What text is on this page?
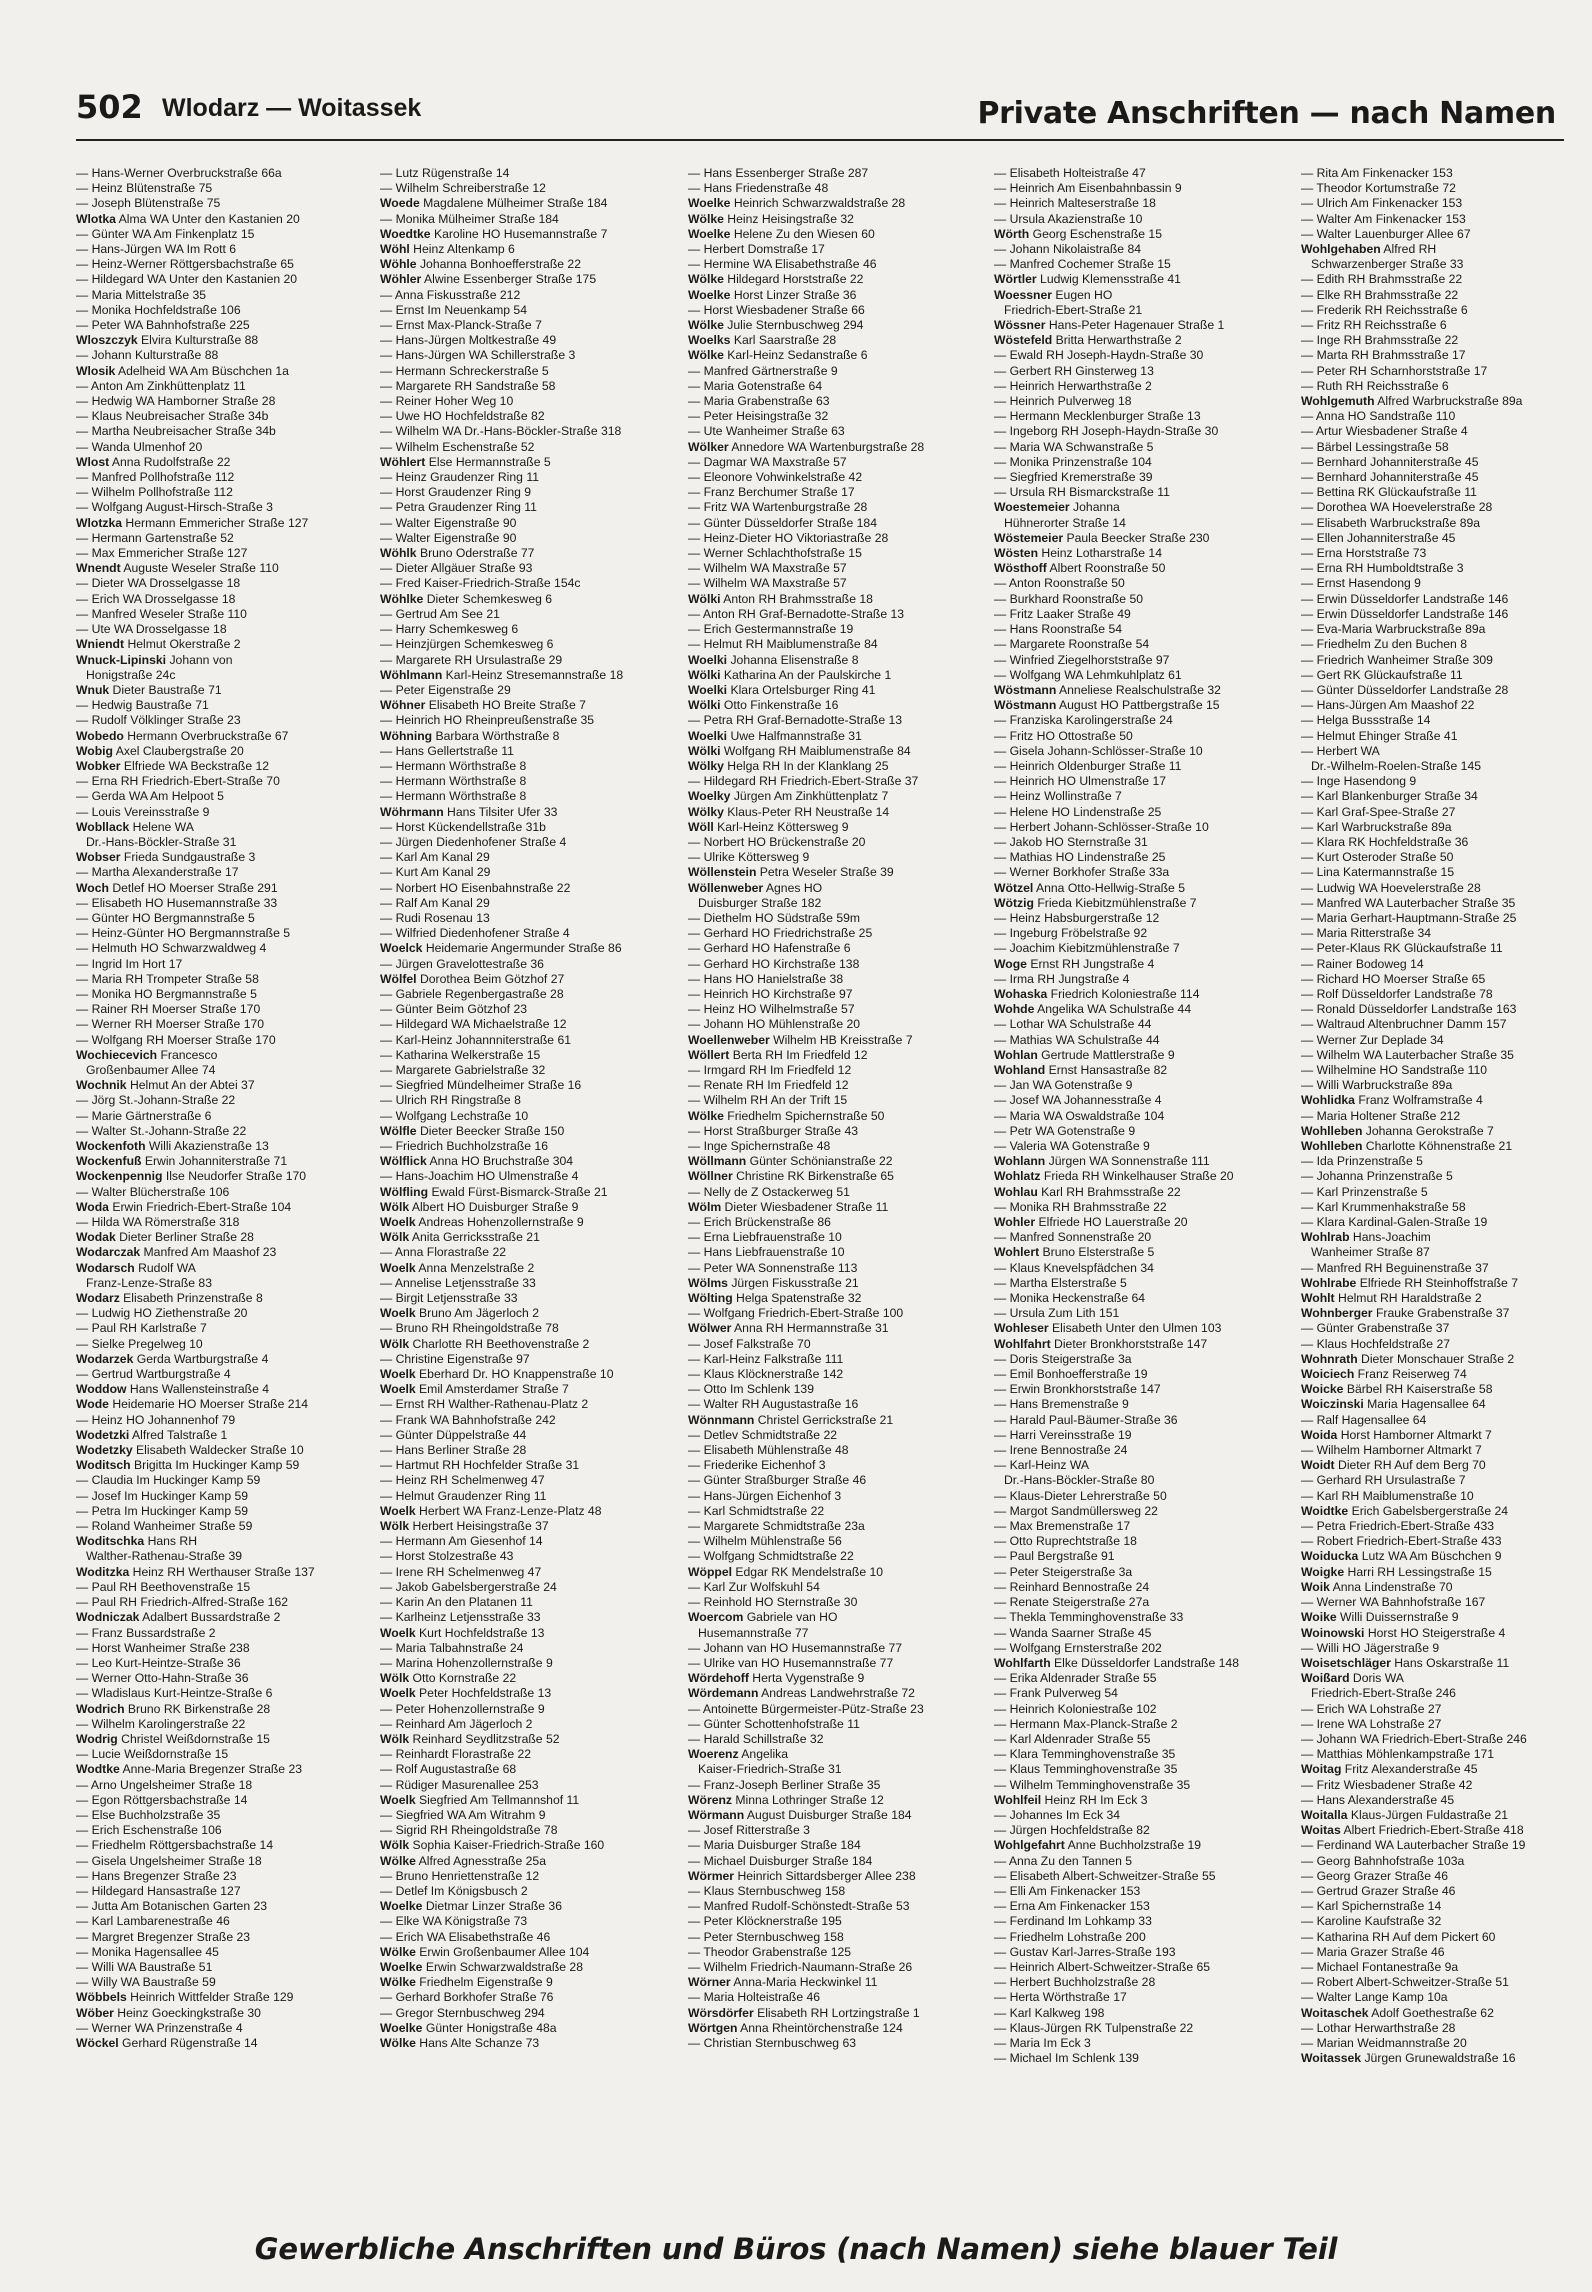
502 Wlodarz — Woitassek	Private Anschriften — nach Namen
— Hans-Werner Overbruckstraße 66a
— Heinz Blütenstraße 75
— Joseph Blütenstraße 75
Wlotka Alma WA Unter den Kastanien 20
— Günter WA Am Finkenplatz 15
— Hans-Jürgen WA Im Rott 6
— Heinz-Werner Röttgersbachstraße 65
— Hildegard WA Unter den Kastanien 20
— Maria Mittelstraße 35
— Monika Hochfeldstraße 106
— Peter WA Bahnhofstraße 225
Wloszczyk Elvira Kulturstraße 88
— Johann Kulturstraße 88
Wlosik Adelheid WA Am Büschchen 1a
— Anton Am Zinkhüttenplatz 11
— Hedwig WA Hamborner Straße 28
— Klaus Neubreisacher Straße 34b
— Martha Neubreisacher Straße 34b
— Wanda Ulmenhof 20
Wlost Anna Rudolfstraße 22
— Manfred Pollhofstraße 112
— Wilhelm Pollhofstraße 112
— Wolfgang August-Hirsch-Straße 3
Wlotzka Hermann Emmericher Straße 127
— Hermann Gartenstraße 52
— Max Emmericher Straße 127
Wnendt Auguste Weseler Straße 110
— Dieter WA Drosselgasse 18
— Erich WA Drosselgasse 18
— Manfred Weseler Straße 110
— Ute WA Drosselgasse 18
Wniendt Helmut Okerstraße 2
Wnuck-Lipinski Johann von
Honigstraße 24c
Wnuk Dieter Baustraße 71
— Hedwig Baustraße 71
— Rudolf Völklinger Straße 23
Wobedo Hermann Overbruckstraße 67
Wobig Axel Claubergstraße 20
Wobker Elfriede WA Beckstraße 12
— Erna RH Friedrich-Ebert-Straße 70
— Gerda WA Am Helpoot 5
— Louis Vereinsstraße 9
Wobllack Helene WA
Dr.-Hans-Böckler-Straße 31
Wobser Frieda Sundgaustraße 3
— Martha Alexanderstraße 17
Woch Detlef HO Moerser Straße 291
— Elisabeth HO Husemannstraße 33
— Günter HO Bergmannstraße 5
— Heinz-Günter HO Bergmannstraße 5
— Helmuth HO Schwarzwaldweg 4
— Ingrid Im Hort 17
— Maria RH Trompeter Straße 58
— Monika HO Bergmannstraße 5
— Rainer RH Moerser Straße 170
— Werner RH Moerser Straße 170
— Wolfgang RH Moerser Straße 170
Wochiecevich Francesco
Großenbaumer Allee 74
Wochnik Helmut An der Abtei 37
— Jörg St.-Johann-Straße 22
— Marie Gärtnerstraße 6
— Walter St.-Johann-Straße 22
Wockenfoth Willi Akazienstraße 13
Wockenfuß Erwin Johanniterstraße 71
Wockenpennig Ilse Neudorfer Straße 170
— Walter Blücherstraße 106
Woda Erwin Friedrich-Ebert-Straße 104
— Hilda WA Römerstraße 318
Wodak Dieter Berliner Straße 28
Wodarczak Manfred Am Maashof 23
Wodarsch Rudolf WA
Franz-Lenze-Straße 83
Wodarz Elisabeth Prinzenstraße 8
— Ludwig HO Ziethenstraße 20
— Paul RH Karlstraße 7
— Sielke Pregelweg 10
Wodarzek Gerda Wartburgstraße 4
— Gertrud Wartburgstraße 4
Woddow Hans Wallensteinstraße 4
Wode Heidemarie HO Moerser Straße 214
— Heinz HO Johannenhof 79
Wodetzki Alfred Talstraße 1
Wodetzky Elisabeth Waldecker Straße 10
Woditsch Brigitta Im Huckinger Kamp 59
— Claudia Im Huckinger Kamp 59
— Josef Im Huckinger Kamp 59
— Petra Im Huckinger Kamp 59
— Roland Wanheimer Straße 59
Woditschka Hans RH
Walther-Rathenau-Straße 39
Woditzka Heinz RH Werthauser Straße 137
— Paul RH Beethovenstraße 15
— Paul RH Friedrich-Alfred-Straße 162
Wodniczak Adalbert Bussardstraße 2
— Franz Bussardstraße 2
— Horst Wanheimer Straße 238
— Leo Kurt-Heintze-Straße 36
— Werner Otto-Hahn-Straße 36
— Wladislaus Kurt-Heintze-Straße 6
Wodrich Bruno RK Birkenstraße 28
— Wilhelm Karolingerstraße 22
Wodrig Christel Weißdornstraße 15
— Lucie Weißdornstraße 15
Wodtke Anne-Maria Bregenzer Straße 23
— Arno Ungelsheimer Straße 18
— Egon Röttgersbachstraße 14
— Else Buchholzstraße 35
— Erich Eschenstraße 106
— Friedhelm Röttgersbachstraße 14
— Gisela Ungelsheimer Straße 18
— Hans Bregenzer Straße 23
— Hildegard Hansastraße 127
— Jutta Am Botanischen Garten 23
— Karl Lambarenestraße 46
— Margret Bregenzer Straße 23
— Monika Hagensallee 45
— Willi WA Baustraße 51
— Willy WA Baustraße 59
Wöbbels Heinrich Wittfelder Straße 129
Wöber Heinz Goeckingkstraße 30
— Werner WA Prinzenstraße 4
Wöckel Gerhard Rügenstraße 14
— Lutz Rügenstraße 14
— Wilhelm Schreiberstraße 12
Woede Magdalene Mülheimer Straße 184
— Monika Mülheimer Straße 184
Woedtke Karoline HO Husemannstraße 7
Wöhl Heinz Altenkamp 6
Wöhle Johanna Bonhoefferstraße 22
Wöhler Alwine Essenberger Straße 175
— Anna Fiskusstraße 212
— Ernst Im Neuenkamp 54
— Ernst Max-Planck-Straße 7
— Hans-Jürgen Moltkestraße 49
— Hans-Jürgen WA Schillerstraße 3
— Hermann Schreckerstraße 5
— Margarete RH Sandstraße 58
— Reiner Hoher Weg 10
— Uwe HO Hochfeldstraße 82
— Wilhelm WA Dr.-Hans-Böckler-Straße 318
— Wilhelm Eschenstraße 52
Wöhlert Else Hermannstraße 5
— Heinz Graudenzer Ring 11
— Horst Graudenzer Ring 9
— Petra Graudenzer Ring 11
— Walter Eigenstraße 90
— Walter Eigenstraße 90
Wöhlk Bruno Oderstraße 77
— Dieter Allgäuer Straße 93
— Fred Kaiser-Friedrich-Straße 154c
Wöhlke Dieter Schemkesweg 6
— Gertrud Am See 21
— Harry Schemkesweg 6
— Heinzjürgen Schemkesweg 6
— Margarete RH Ursulastraße 29
Wöhlmann Karl-Heinz Stresemannstraße 18
— Peter Eigenstraße 29
Wöhner Elisabeth HO Breite Straße 7
— Heinrich HO Rheinpreußenstraße 35
Wöhning Barbara Wörthstraße 8
— Hans Gellertstraße 11
— Hermann Wörthstraße 8
— Hermann Wörthstraße 8
— Hermann Wörthstraße 8
Wöhrmann Hans Tilsiter Ufer 33
— Horst Kückendellstraße 31b
— Jürgen Diedenhofener Straße 4
— Karl Am Kanal 29
— Kurt Am Kanal 29
— Norbert HO Eisenbahnstraße 22
— Ralf Am Kanal 29
— Rudi Rosenau 13
— Wilfried Diedenhofener Straße 4
Woelck Heidemarie Angermunder Straße 86
— Jürgen Gravelottestraße 36
Wölfel Dorothea Beim Götzhof 27
— Gabriele Regenbergastraße 28
— Günter Beim Götzhof 23
— Hildegard WA Michaelstraße 12
— Karl-Heinz Johannniterstraße 61
— Katharina Welkerstraße 15
— Margarete Gabrielstraße 32
— Siegfried Mündelheimer Straße 16
— Ulrich RH Ringstraße 8
— Wolfgang Lechstraße 10
Wölfle Dieter Beecker Straße 150
— Friedrich Buchholzstraße 16
Wölflick Anna HO Bruchstraße 304
— Hans-Joachim HO Ulmenstraße 4
Wölfling Ewald Fürst-Bismarck-Straße 21
Wölk Albert HO Duisburger Straße 9
Woelk Andreas Hohenzollernstraße 9
Wölk Anita Gerricksstraße 21
— Anna Florastraße 22
Woelk Anna Menzelstraße 2
— Annelise Letjensstraße 33
— Birgit Letjensstraße 33
Woelk Bruno Am Jägerloch 2
— Bruno RH Rheingoldstraße 78
Wölk Charlotte RH Beethovenstraße 2
— Christine Eigenstraße 97
Woelk Eberhard Dr. HO Knappenstraße 10
Woelk Emil Amsterdamer Straße 7
— Ernst RH Walther-Rathenau-Platz 2
— Frank WA Bahnhofstraße 242
— Günter Düppelstraße 44
— Hans Berliner Straße 28
— Hartmut RH Hochfelder Straße 31
— Heinz RH Schelmenweg 47
— Helmut Graudenzer Ring 11
Woelk Herbert WA Franz-Lenze-Platz 48
Wölk Herbert Heisingstraße 37
— Hermann Am Giesenhof 14
— Horst Stolzestraße 43
— Irene RH Schelmenweg 47
— Jakob Gabelsbergerstraße 24
— Karin An den Platanen 11
— Karlheinz Letjensstraße 33
Woelk Kurt Hochfeldstraße 13
— Maria Talbahnstraße 24
— Marina Hohenzollernstraße 9
Wölk Otto Kornstraße 22
Woelk Peter Hochfeldstraße 13
— Peter Hohenzollernstraße 9
— Reinhard Am Jägerloch 2
Wölk Reinhard Seydlitzstraße 52
— Reinhardt Florastraße 22
— Rolf Augustastraße 68
— Rüdiger Masurenallee 253
Woelk Siegfried Am Tellmannshof 11
— Siegfried WA Am Witrahm 9
— Sigrid RH Rheingoldstraße 78
Wölk Sophia Kaiser-Friedrich-Straße 160
Wölke Alfred Agnesstraße 25a
— Bruno Henriettenstraße 12
— Detlef Im Königsbusch 2
Woelke Dietmar Linzer Straße 36
— Elke WA Königstraße 73
— Erich WA Elisabethstraße 46
Wölke Erwin Großenbaumer Allee 104
Woelke Erwin Schwarzwaldstraße 28
Wölke Friedhelm Eigenstraße 9
— Gerhard Borkhofer Straße 76
— Gregor Sternbuschweg 294
Woelke Günter Honigstraße 48a
Wölke Hans Alte Schanze 73
— Hans Essenberger Straße 287
— Hans Friedenstraße 48
Woelke Heinrich Schwarzwaldstraße 28
Wölke Heinz Heisingstraße 32
Woelke Helene Zu den Wiesen 60
— Herbert Domstraße 17
— Hermine WA Elisabethstraße 46
Wölke Hildegard Horststraße 22
Woelke Horst Linzer Straße 36
— Horst Wiesbadener Straße 66
Wölke Julie Sternbuschweg 294
Woelks Karl Saarstraße 28
Wölke Karl-Heinz Sedanstraße 6
— Manfred Gärtnerstraße 9
— Maria Gotenstraße 64
— Maria Grabenstraße 63
— Peter Heisingstraße 32
— Ute Wanheimer Straße 63
Wölker Annedore WA Wartenburgstraße 28
— Dagmar WA Maxstraße 57
— Eleonore Vohwinkelstraße 42
— Franz Berchumer Straße 17
— Fritz WA Wartenburgstraße 28
— Günter Düsseldorfer Straße 184
— Heinz-Dieter HO Viktoriastraße 28
— Werner Schlachthofstraße 15
— Wilhelm WA Maxstraße 57
— Wilhelm WA Maxstraße 57
Wölki Anton RH Brahmsstraße 18
— Anton RH Graf-Bernadotte-Straße 13
— Erich Gestermannstraße 19
— Helmut RH Maiblumenstraße 84
Woelki Johanna Elisenstraße 8
Wölki Katharina An der Paulskirche 1
Woelki Klara Ortelsburger Ring 41
Wölki Otto Finkenstraße 16
— Petra RH Graf-Bernadotte-Straße 13
Woelki Uwe Halfmannstraße 31
Wölki Wolfgang RH Maiblumenstraße 84
Wölky Helga RH In der Klanklang 25
— Hildegard RH Friedrich-Ebert-Straße 37
Woelky Jürgen Am Zinkhüttenplatz 7
Wölky Klaus-Peter RH Neustraße 14
Wöll Karl-Heinz Köttersweg 9
— Norbert HO Brückenstraße 20
— Ulrike Köttersweg 9
Wöllenstein Petra Weseler Straße 39
Wöllenweber Agnes HO
Duisburger Straße 182
— Diethelm HO Südstraße 59m
— Gerhard HO Friedrichstraße 25
— Gerhard HO Hafenstraße 6
— Gerhard HO Kirchstraße 138
— Hans HO Hanielstraße 38
— Heinrich HO Kirchstraße 97
— Heinz HO Wilhelmstraße 57
— Johann HO Mühlenstraße 20
Woellenweber Wilhelm HB Kreisstraße 7
Wöllert Berta RH Im Friedfeld 12
— Irmgard RH Im Friedfeld 12
— Renate RH Im Friedfeld 12
— Wilhelm RH An der Trift 15
Wölke Friedhelm Spichernstraße 50
— Horst Straßburger Straße 43
— Inge Spichernstraße 48
Wöllmann Günter Schönianstraße 22
Wöllner Christine RK Birkenstraße 65
— Nelly de Z Ostackerweg 51
Wölm Dieter Wiesbadener Straße 11
— Erich Brückenstraße 86
— Erna Liebfrauenstraße 10
— Hans Liebfrauenstraße 10
— Peter WA Sonnenstraße 113
Wölms Jürgen Fiskusstraße 21
Wölting Helga Spatenstraße 32
— Wolfgang Friedrich-Ebert-Straße 100
Wölwer Anna RH Hermannstraße 31
— Josef Falkstraße 70
— Karl-Heinz Falkstraße 111
— Klaus Klöcknerstraße 142
— Otto Im Schlenk 139
— Walter RH Augustastraße 16
Wönnmann Christel Gerrickstraße 21
— Detlev Schmidtstraße 22
— Elisabeth Mühlenstraße 48
— Friederike Eichenhof 3
— Günter Straßburger Straße 46
— Hans-Jürgen Eichenhof 3
— Karl Schmidtstraße 22
— Margarete Schmidtstraße 23a
— Wilhelm Mühlenstraße 56
— Wolfgang Schmidtstraße 22
Wöppel Edgar RK Mendelstraße 10
— Karl Zur Wolfskuhl 54
— Reinhold HO Sternstraße 30
Woercom Gabriele van HO
Husemannstraße 77
— Johann van HO Husemannstraße 77
— Ulrike van HO Husemannstraße 77
Wördehoff Herta Vygenstraße 9
Wördemann Andreas Landwehrstraße 72
— Antoinette Bürgermeister-Pütz-Straße 23
— Günter Schottenhofstraße 11
— Harald Schillstraße 32
Woerenz Angelika
Kaiser-Friedrich-Straße 31
— Franz-Joseph Berliner Straße 35
Wörenz Minna Lothringer Straße 12
Wörmann August Duisburger Straße 184
— Josef Ritterstraße 3
— Maria Duisburger Straße 184
— Michael Duisburger Straße 184
Wörmer Heinrich Sittardsberger Allee 238
— Klaus Sternbuschweg 158
— Manfred Rudolf-Schönstedt-Straße 53
— Peter Klöcknerstraße 195
— Peter Sternbuschweg 158
— Theodor Grabenstraße 125
— Wilhelm Friedrich-Naumann-Straße 26
Wörner Anna-Maria Heckwinkel 11
— Maria Holteistraße 46
Wörsdörfer Elisabeth RH Lortzingstraße 1
Wörtgen Anna Rheintörchenstraße 124
— Christian Sternbuschweg 63
— Elisabeth Holteistraße 47
— Heinrich Am Eisenbahnbassin 9
— Heinrich Malteserstraße 18
— Ursula Akazienstraße 10
Wörth Georg Eschenstraße 15
— Johann Nikolaistraße 84
— Manfred Cochemer Straße 15
Wörtler Ludwig Klemensstraße 41
Woessner Eugen HO
Friedrich-Ebert-Straße 21
Wössner Hans-Peter Hagenauer Straße 1
Wöstefeld Britta Herwarthstraße 2
— Ewald RH Joseph-Haydn-Straße 30
— Gerbert RH Ginsterweg 13
— Heinrich Herwarthstraße 2
— Heinrich Pulverweg 18
— Hermann Mecklenburger Straße 13
— Ingeborg RH Joseph-Haydn-Straße 30
— Maria WA Schwanstraße 5
— Monika Prinzenstraße 104
— Siegfried Kremerstraße 39
— Ursula RH Bismarckstraße 11
Woestemeier Johanna
Hühnerorter Straße 14
Wöstemeier Paula Beecker Straße 230
Wösten Heinz Lotharstraße 14
Wösthoff Albert Roonstraße 50
— Anton Roonstraße 50
— Burkhard Roonstraße 50
— Fritz Laaker Straße 49
— Hans Roonstraße 54
— Margarete Roonstraße 54
— Winfried Ziegelhorststraße 97
— Wolfgang WA Lehmkuhlplatz 61
Wöstmann Anneliese Realschulstraße 32
Wöstmann August HO Pattbergstraße 15
— Franziska Karolingerstraße 24
— Fritz HO Ottostraße 50
— Gisela Johann-Schlösser-Straße 10
— Heinrich Oldenburger Straße 11
— Heinrich HO Ulmenstraße 17
— Heinz Wollinstraße 7
— Helene HO Lindenstraße 25
— Herbert Johann-Schlösser-Straße 10
— Jakob HO Sternstraße 31
— Mathias HO Lindenstraße 25
— Werner Borkhofer Straße 33a
Wötzel Anna Otto-Hellwig-Straße 5
Wötzig Frieda Kiebitzmühlenstraße 7
— Heinz Habsburgerstraße 12
— Ingeburg Fröbelstraße 92
— Joachim Kiebitzmühlenstraße 7
Woge Ernst RH Jungstraße 4
— Irma RH Jungstraße 4
Wohaska Friedrich Koloniestraße 114
Wohde Angelika WA Schulstraße 44
— Lothar WA Schulstraße 44
— Mathias WA Schulstraße 44
Wohlan Gertrude Mattlerstraße 9
Wohland Ernst Hansastraße 82
— Jan WA Gotenstraße 9
— Josef WA Johannesstraße 4
— Maria WA Oswaldstraße 104
— Petr WA Gotenstraße 9
— Valeria WA Gotenstraße 9
Wohlann Jürgen WA Sonnenstraße 111
Wohlatz Frieda RH Winkelhauser Straße 20
Wohlau Karl RH Brahmsstraße 22
— Monika RH Brahmsstraße 22
Wohler Elfriede HO Lauerstraße 20
— Manfred Sonnenstraße 20
Wohlert Bruno Elsterstraße 5
— Klaus Knevelspfädchen 34
— Martha Elsterstraße 5
— Monika Heckenstraße 64
— Ursula Zum Lith 151
Wohleser Elisabeth Unter den Ulmen 103
Wohlfahrt Dieter Bronkhorststraße 147
— Doris Steigerstraße 3a
— Emil Bonhoefferstraße 19
— Erwin Bronkhorststraße 147
— Hans Bremenstraße 9
— Harald Paul-Bäumer-Straße 36
— Harri Vereinsstraße 19
— Irene Bennostraße 24
— Karl-Heinz WA
Dr.-Hans-Böckler-Straße 80
— Klaus-Dieter Lehrerstraße 50
— Margot Sandmüllersweg 22
— Max Bremenstraße 17
— Otto Ruprechtstraße 18
— Paul Bergstraße 91
— Peter Steigerstraße 3a
— Reinhard Bennostraße 24
— Renate Steigerstraße 27a
— Thekla Temminghovenstraße 33
— Wanda Saarner Straße 45
— Wolfgang Ernsterstraße 202
Wohlfarth Elke Düsseldorfer Landstraße 148
— Erika Aldenrader Straße 55
— Frank Pulverweg 54
— Heinrich Koloniestraße 102
— Hermann Max-Planck-Straße 2
— Karl Aldenrader Straße 55
— Klara Temminghovenstraße 35
— Klaus Temminghovenstraße 35
— Wilhelm Temminghovenstraße 35
Wohlfeil Heinz RH Im Eck 3
— Johannes Im Eck 34
— Jürgen Hochfeldstraße 82
Wohlgefahrt Anne Buchholzstraße 19
— Anna Zu den Tannen 5
— Elisabeth Albert-Schweitzer-Straße 55
— Elli Am Finkenacker 153
— Erna Am Finkenacker 153
— Ferdinand Im Lohkamp 33
— Friedhelm Lohstraße 200
— Gustav Karl-Jarres-Straße 193
— Heinrich Albert-Schweitzer-Straße 65
— Herbert Buchholzstraße 28
— Herta Wörthstraße 17
— Karl Kalkweg 198
— Klaus-Jürgen RK Tulpenstraße 22
— Maria Im Eck 3
— Michael Im Schlenk 139
— Rita Am Finkenacker 153
— Theodor Kortumstraße 72
— Ulrich Am Finkenacker 153
— Walter Am Finkenacker 153
— Walter Lauenburger Allee 67
Wohlgehaben Alfred RH
Schwarzenberger Straße 33
— Edith RH Brahmsstraße 22
— Elke RH Brahmsstraße 22
— Frederik RH Reichsstraße 6
— Fritz RH Reichsstraße 6
— Inge RH Brahmsstraße 22
— Marta RH Brahmsstraße 17
— Peter RH Scharnhorststraße 17
— Ruth RH Reichsstraße 6
Wohlgemuth Alfred Warbruckstraße 89a
— Anna HO Sandstraße 110
— Artur Wiesbadener Straße 4
— Bärbel Lessingstraße 58
— Bernhard Johanniterstraße 45
— Bernhard Johanniterstraße 45
— Bettina RK Glückaufstraße 11
— Dorothea WA Hoevelerstraße 28
— Elisabeth Warbruckstraße 89a
— Ellen Johanniterstraße 45
— Erna Horststraße 73
— Erna RH Humboldtstraße 3
— Ernst Hasendong 9
— Erwin Düsseldorfer Landstraße 146
— Erwin Düsseldorfer Landstraße 146
— Eva-Maria Warbruckstraße 89a
— Friedhelm Zu den Buchen 8
— Friedrich Wanheimer Straße 309
— Gert RK Glückaufstraße 11
— Günter Düsseldorfer Landstraße 28
— Hans-Jürgen Am Maashof 22
— Helga Bussstraße 14
— Helmut Ehinger Straße 41
— Herbert WA
Dr.-Wilhelm-Roelen-Straße 145
— Inge Hasendong 9
— Karl Blankenburger Straße 34
— Karl Graf-Spee-Straße 27
— Karl Warbruckstraße 89a
— Klara RK Hochfeldstraße 36
— Kurt Osteroder Straße 50
— Lina Katermannstraße 15
— Ludwig WA Hoevelerstraße 28
— Manfred WA Lauterbacher Straße 35
— Maria Gerhart-Hauptmann-Straße 25
— Maria Ritterstraße 34
— Peter-Klaus RK Glückaufstraße 11
— Rainer Bodoweg 14
— Richard HO Moerser Straße 65
— Rolf Düsseldorfer Landstraße 78
— Ronald Düsseldorfer Landstraße 163
— Waltraud Altenbruchner Damm 157
— Werner Zur Deplade 34
— Wilhelm WA Lauterbacher Straße 35
— Wilhelmine HO Sandstraße 110
— Willi Warbruckstraße 89a
Wohlidka Franz Wolframstraße 4
— Maria Holtener Straße 212
Wohlleben Johanna Gerokstraße 7
Wohlleben Charlotte Köhnenstraße 21
— Ida Prinzenstraße 5
— Johanna Prinzenstraße 5
— Karl Prinzenstraße 5
— Karl Krummenhakstraße 58
— Klara Kardinal-Galen-Straße 19
Wohlrab Hans-Joachim
Wanheimer Straße 87
— Manfred RH Beguinenstraße 37
Wohlrabe Elfriede RH Steinhoffstraße 7
Wohlt Helmut RH Haraldstraße 2
Wohnberger Frauke Grabenstraße 37
— Günter Grabenstraße 37
— Klaus Hochfeldstraße 27
Wohnrath Dieter Monschauer Straße 2
Woiciech Franz Reiserweg 74
Woicke Bärbel RH Kaiserstraße 58
Woiczinski Maria Hagensallee 64
— Ralf Hagensallee 64
Woida Horst Hamborner Altmarkt 7
— Wilhelm Hamborner Altmarkt 7
Woidt Dieter RH Auf dem Berg 70
— Gerhard RH Ursulastraße 7
— Karl RH Maiblumenstraße 10
Woidtke Erich Gabelsbergerstraße 24
— Petra Friedrich-Ebert-Straße 433
— Robert Friedrich-Ebert-Straße 433
Woiducka Lutz WA Am Büschchen 9
Woigke Harri RH Lessingstraße 15
Woik Anna Lindenstraße 70
— Werner WA Bahnhofstraße 167
Woike Willi Duissernstraße 9
Woinowski Horst HO Steigerstraße 4
— Willi HO Jägerstraße 9
Woisetschläger Hans Oskarstraße 11
Woißard Doris WA
Friedrich-Ebert-Straße 246
— Erich WA Lohstraße 27
— Irene WA Lohstraße 27
— Johann WA Friedrich-Ebert-Straße 246
— Matthias Möhlenkampstraße 171
Woitag Fritz Alexanderstraße 45
— Fritz Wiesbadener Straße 42
— Hans Alexanderstraße 45
Woitalla Klaus-Jürgen Fuldastraße 21
Woitas Albert Friedrich-Ebert-Straße 418
— Ferdinand WA Lauterbacher Straße 19
— Georg Bahnhofstraße 103a
— Georg Grazer Straße 46
— Gertrud Grazer Straße 46
— Karl Spichernstraße 14
— Karoline Kaufstraße 32
— Katharina RH Auf dem Pickert 60
— Maria Grazer Straße 46
— Michael Fontanestraße 9a
— Robert Albert-Schweitzer-Straße 51
— Walter Lange Kamp 10a
Woitaschek Adolf Goethestraße 62
— Lothar Herwarthstraße 28
— Marian Weidmannstraße 20
Woitassek Jürgen Grunewaldstraße 16
Gewerbliche Anschriften und Büros (nach Namen) siehe blauer Teil
